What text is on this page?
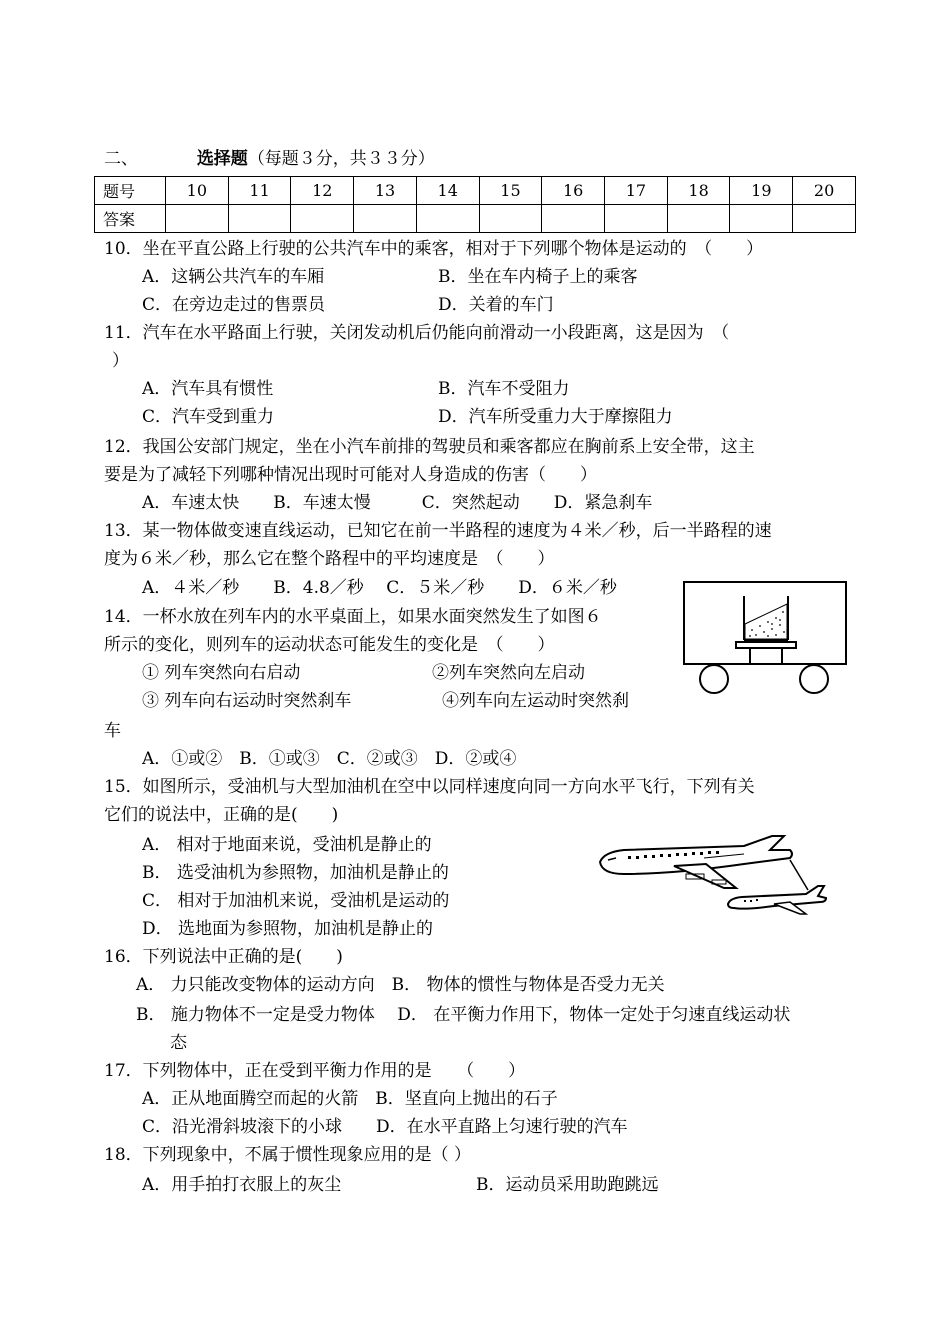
二、	选择题（每题３分，共３３分）
题号	10	11	12	13	14	15	16	17	18	19	20
答案											
10．坐在平直公路上行驶的公共汽车中的乘客，相对于下列哪个物体是运动的　（　　）
A．这辆公共汽车的车厢	B．坐在车内椅子上的乘客
C．在旁边走过的售票员	D．关着的车门
11．汽车在水平路面上行驶，关闭发动机后仍能向前滑动一小段距离，这是因为　（
）
A．汽车具有惯性	B．汽车不受阻力
C．汽车受到重力	D．汽车所受重力大于摩擦阻力
12．我国公安部门规定，坐在小汽车前排的驾驶员和乘客都应在胸前系上安全带，这主
要是为了减轻下列哪种情况出现时可能对人身造成的伤害（　　）
A．车速太快　　B．车速太慢　　　C．突然起动　　D．紧急刹车
13．某一物体做变速直线运动，已知它在前一半路程的速度为４米／秒，后一半路程的速
度为６米／秒，那么它在整个路程中的平均速度是　（　　）
A．４米／秒　　B．4.8／秒　 C．５米／秒　　D．６米／秒
14．一杯水放在列车内的水平桌面上，如果水面突然发生了如图６
所示的变化，则列车的运动状态可能发生的变化是　（　　）
① 列车突然向右启动	②列车突然向左启动
③ 列车向右运动时突然刹车	④列车向左运动时突然刹
车
A．①或②　B．①或③　C．②或③　D．②或④
15．如图所示，受油机与大型加油机在空中以同样速度向同一方向水平飞行，下列有关
它们的说法中，正确的是(　　)
A． 相对于地面来说，受油机是静止的
B． 选受油机为参照物，加油机是静止的
C． 相对于加油机来说，受油机是运动的
D． 选地面为参照物，加油机是静止的
16．下列说法中正确的是(　　)
A． 力只能改变物体的运动方向　B． 物体的惯性与物体是否受力无关
B． 施力物体不一定是受力物体　 D． 在平衡力作用下，物体一定处于匀速直线运动状
态
17．下列物体中，正在受到平衡力作用的是　　（　　）
A．正从地面腾空而起的火箭　B．坚直向上抛出的石子
C．沿光滑斜坡滚下的小球　　D．在水平直路上匀速行驶的汽车
18．下列现象中，不属于惯性现象应用的是（ ）
A．用手拍打衣服上的灰尘	B．运动员采用助跑跳远
